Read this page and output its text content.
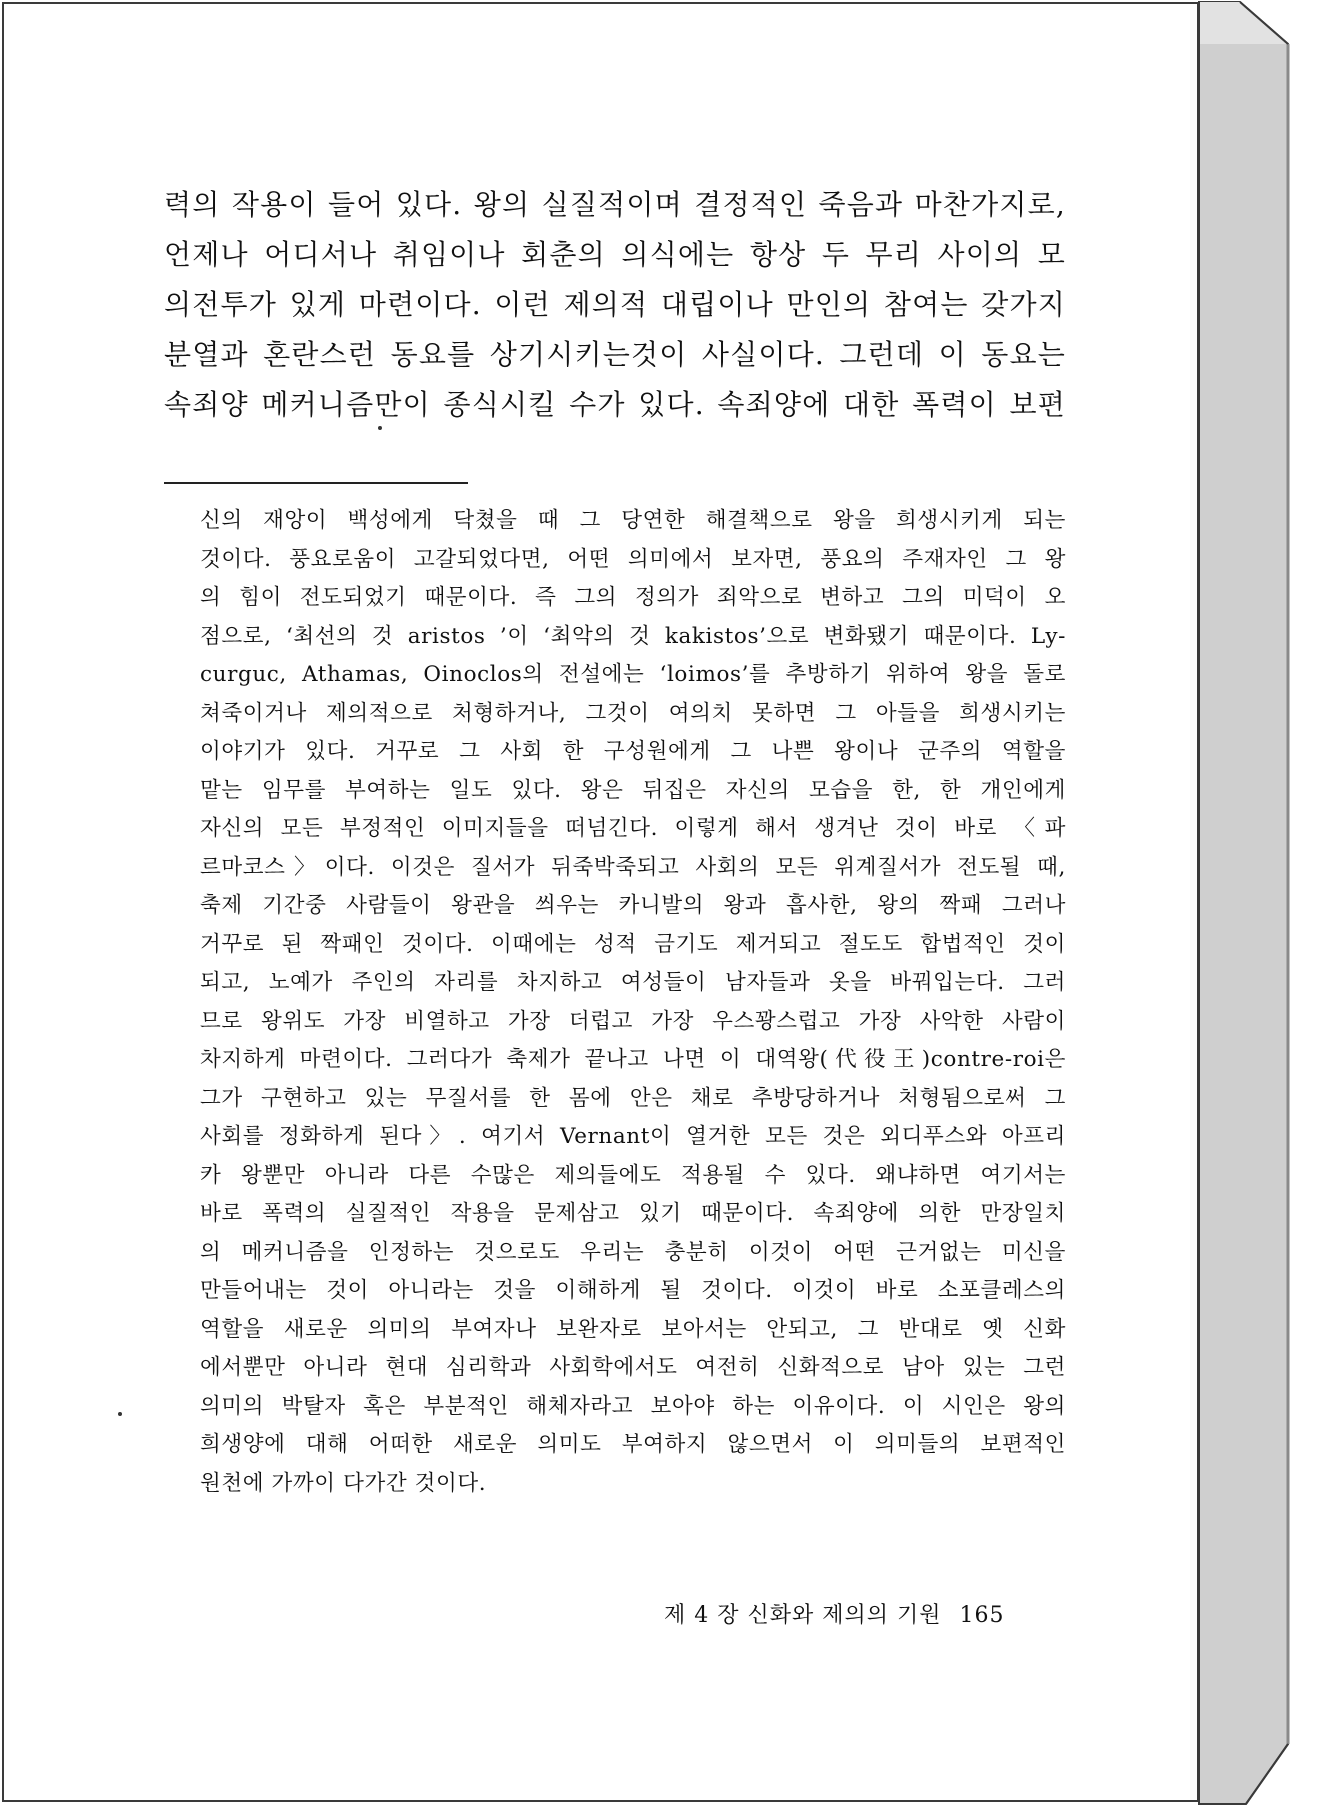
력의 작용이 들어 있다. 왕의 실질적이며 결정적인 죽음과 마찬가지로,
언제나 어디서나 취임이나 회춘의 의식에는 항상 두 무리 사이의 모
의전투가 있게 마련이다. 이런 제의적 대립이나 만인의 참여는 갖가지
분열과 혼란스런 동요를 상기시키는것이 사실이다. 그런데 이 동요는
속죄양 메커니즘만이 종식시킬 수가 있다. 속죄양에 대한 폭력이 보편
신의 재앙이 백성에게 닥쳤을 때 그 당연한 해결책으로 왕을 희생시키게 되는
것이다. 풍요로움이 고갈되었다면, 어떤 의미에서 보자면, 풍요의 주재자인 그 왕
의 힘이 전도되었기 때문이다. 즉 그의 정의가 죄악으로 변하고 그의 미덕이 오
점으로, ‘최선의 것 aristos ’이 ‘최악의 것 kakistos’으로 변화됐기 때문이다. Ly-
curguc, Athamas, Oinoclos의 전설에는 ‘loimos’를 추방하기 위하여 왕을 돌로
쳐죽이거나 제의적으로 처형하거나, 그것이 여의치 못하면 그 아들을 희생시키는
이야기가 있다. 거꾸로 그 사회 한 구성원에게 그 나쁜 왕이나 군주의 역할을
맡는 임무를 부여하는 일도 있다. 왕은 뒤집은 자신의 모습을 한, 한 개인에게
자신의 모든 부정적인 이미지들을 떠넘긴다. 이렇게 해서 생겨난 것이 바로 〈파
르마코스〉이다. 이것은 질서가 뒤죽박죽되고 사회의 모든 위계질서가 전도될 때,
축제 기간중 사람들이 왕관을 씌우는 카니발의 왕과 흡사한, 왕의 짝패 그러나
거꾸로 된 짝패인 것이다. 이때에는 성적 금기도 제거되고 절도도 합법적인 것이
되고, 노예가 주인의 자리를 차지하고 여성들이 남자들과 옷을 바꿔입는다. 그러
므로 왕위도 가장 비열하고 가장 더럽고 가장 우스꽝스럽고 가장 사악한 사람이
차지하게 마련이다. 그러다가 축제가 끝나고 나면 이 대역왕(代役王)contre-roi은
그가 구현하고 있는 무질서를 한 몸에 안은 채로 추방당하거나 처형됨으로써 그
사회를 정화하게 된다〉. 여기서 Vernant이 열거한 모든 것은 외디푸스와 아프리
카 왕뿐만 아니라 다른 수많은 제의들에도 적용될 수 있다. 왜냐하면 여기서는
바로 폭력의 실질적인 작용을 문제삼고 있기 때문이다. 속죄양에 의한 만장일치
의 메커니즘을 인정하는 것으로도 우리는 충분히 이것이 어떤 근거없는 미신을
만들어내는 것이 아니라는 것을 이해하게 될 것이다. 이것이 바로 소포클레스의
역할을 새로운 의미의 부여자나 보완자로 보아서는 안되고, 그 반대로 옛 신화
에서뿐만 아니라 현대 심리학과 사회학에서도 여전히 신화적으로 남아 있는 그런
의미의 박탈자 혹은 부분적인 해체자라고 보아야 하는 이유이다. 이 시인은 왕의
희생양에 대해 어떠한 새로운 의미도 부여하지 않으면서 이 의미들의 보편적인
원천에 가까이 다가간 것이다.
제 4 장 신화와 제의의 기원 165
